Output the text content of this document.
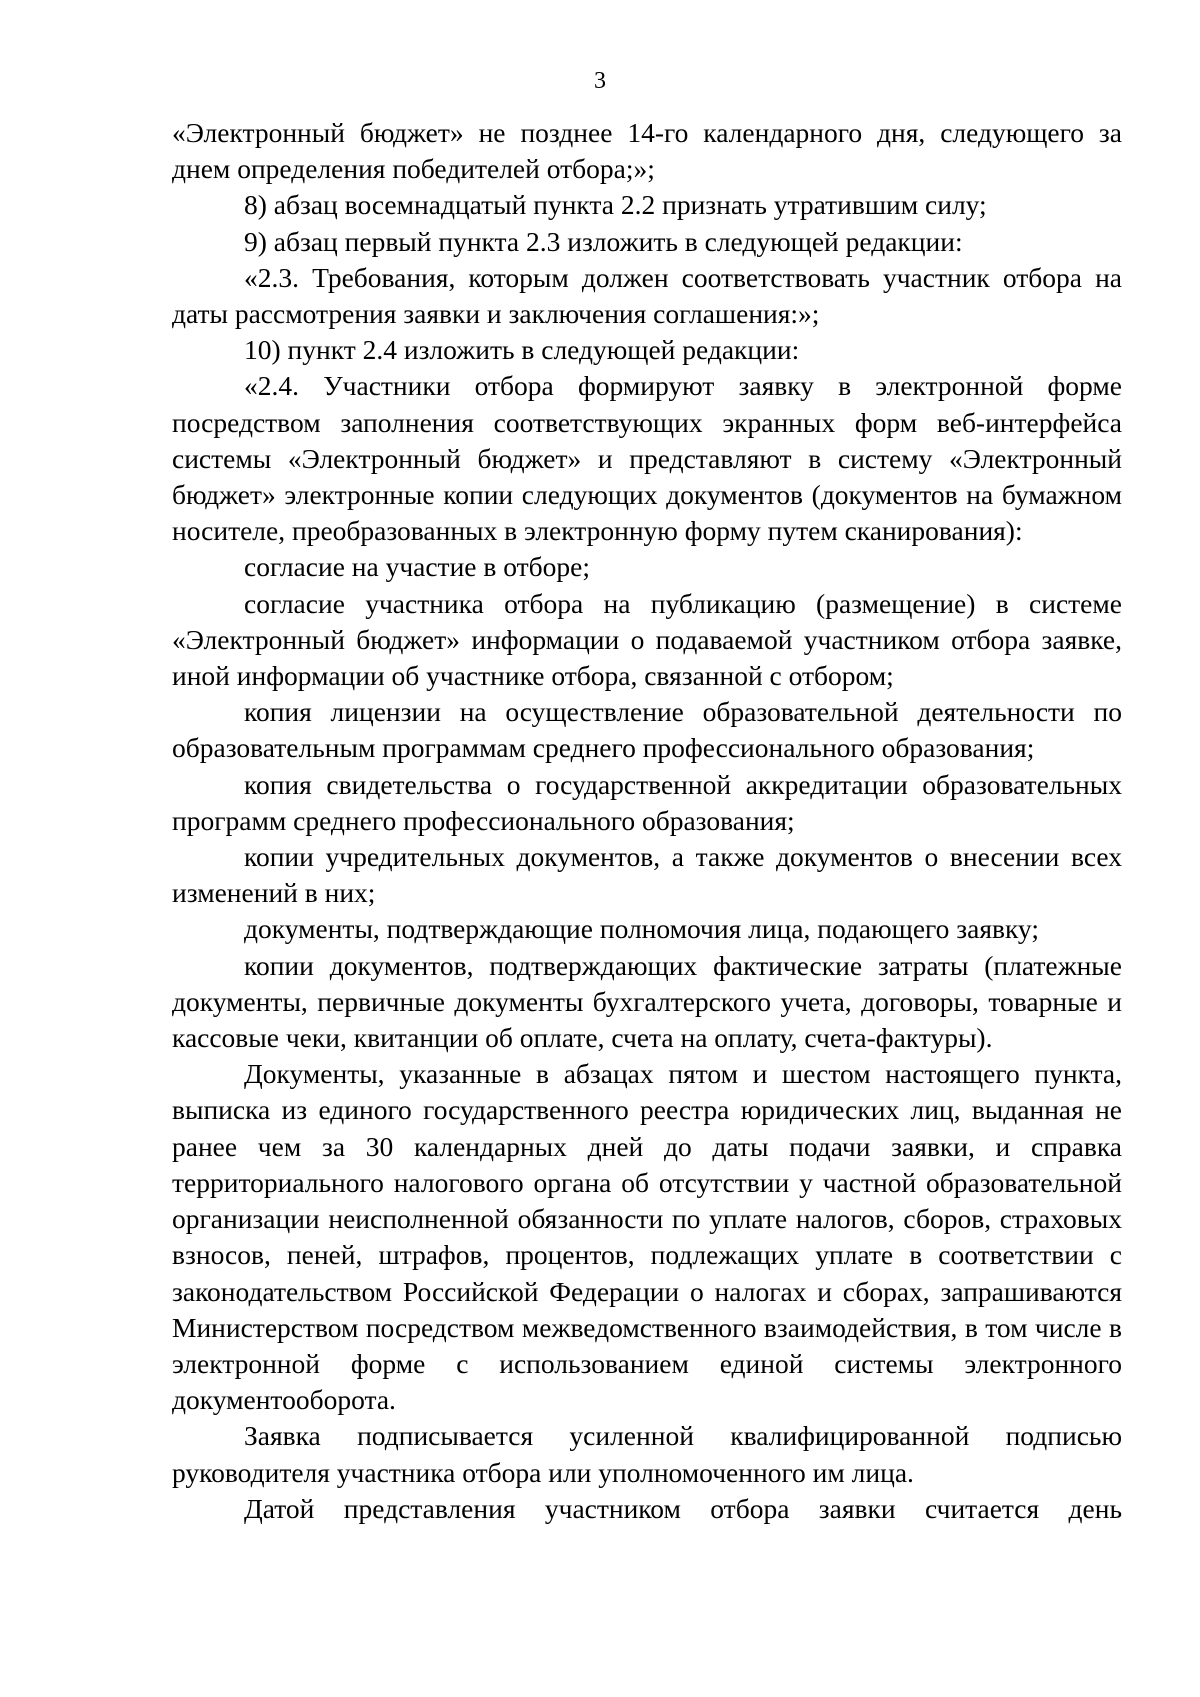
3

«Электронный бюджет» не позднее 14-го календарного дня, следующего за днем определения победителей отбора;»;

8) абзац восемнадцатый пункта 2.2 признать утратившим силу;

9) абзац первый пункта 2.3 изложить в следующей редакции:

«2.3. Требования, которым должен соответствовать участник отбора на даты рассмотрения заявки и заключения соглашения:»;

10) пункт 2.4 изложить в следующей редакции:

«2.4. Участники отбора формируют заявку в электронной форме посредством заполнения соответствующих экранных форм веб-интерфейса системы «Электронный бюджет» и представляют в систему «Электронный бюджет» электронные копии следующих документов (документов на бумажном носителе, преобразованных в электронную форму путем сканирования):

согласие на участие в отборе;

согласие участника отбора на публикацию (размещение) в системе «Электронный бюджет» информации о подаваемой участником отбора заявке, иной информации об участнике отбора, связанной с отбором;

копия лицензии на осуществление образовательной деятельности по образовательным программам среднего профессионального образования;

копия свидетельства о государственной аккредитации образовательных программ среднего профессионального образования;

копии учредительных документов, а также документов о внесении всех изменений в них;

документы, подтверждающие полномочия лица, подающего заявку;

копии документов, подтверждающих фактические затраты (платежные документы, первичные документы бухгалтерского учета, договоры, товарные и кассовые чеки, квитанции об оплате, счета на оплату, счета-фактуры).

Документы, указанные в абзацах пятом и шестом настоящего пункта, выписка из единого государственного реестра юридических лиц, выданная не ранее чем за 30 календарных дней до даты подачи заявки, и справка территориального налогового органа об отсутствии у частной образовательной организации неисполненной обязанности по уплате налогов, сборов, страховых взносов, пеней, штрафов, процентов, подлежащих уплате в соответствии с законодательством Российской Федерации о налогах и сборах, запрашиваются Министерством посредством межведомственного взаимодействия, в том числе в электронной форме с использованием единой системы электронного документооборота.

Заявка подписывается усиленной квалифицированной подписью руководителя участника отбора или уполномоченного им лица.

Датой представления участником отбора заявки считается день
